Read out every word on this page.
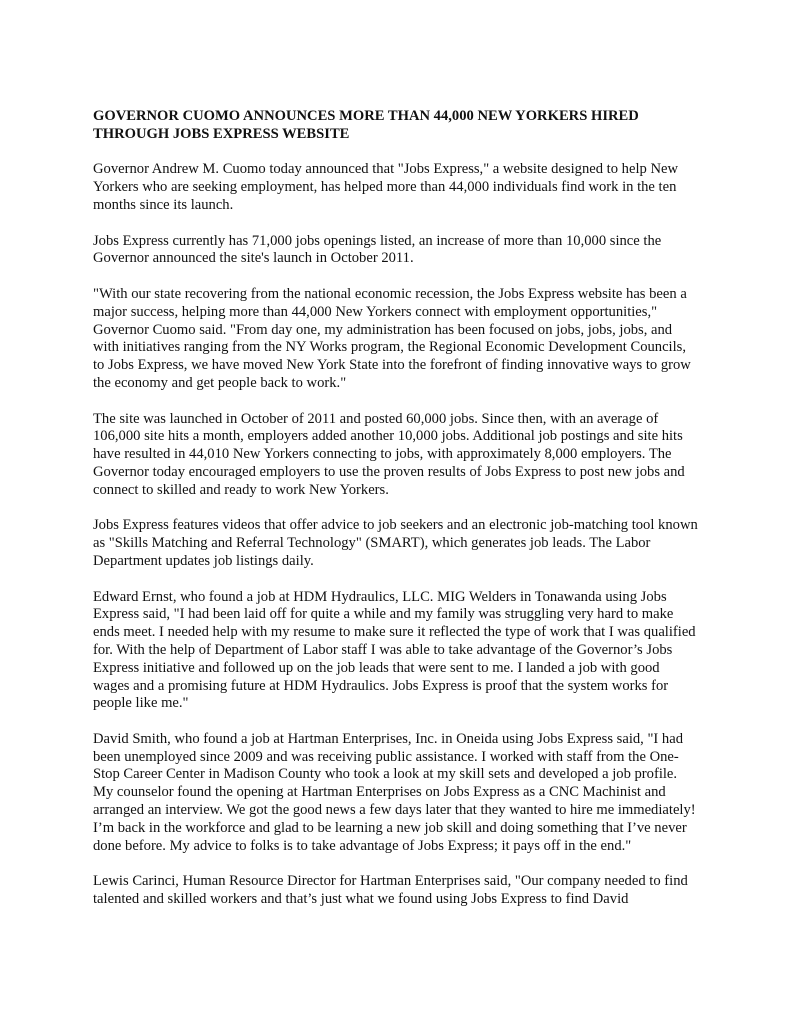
GOVERNOR CUOMO ANNOUNCES MORE THAN 44,000 NEW YORKERS HIRED THROUGH JOBS EXPRESS WEBSITE

Governor Andrew M. Cuomo today announced that "Jobs Express," a website designed to help New Yorkers who are seeking employment, has helped more than 44,000 individuals find work in the ten months since its launch.

Jobs Express currently has 71,000 jobs openings listed, an increase of more than 10,000 since the Governor announced the site's launch in October 2011.

"With our state recovering from the national economic recession, the Jobs Express website has been a major success, helping more than 44,000 New Yorkers connect with employment opportunities," Governor Cuomo said. "From day one, my administration has been focused on jobs, jobs, jobs, and with initiatives ranging from the NY Works program, the Regional Economic Development Councils, to Jobs Express, we have moved New York State into the forefront of finding innovative ways to grow the economy and get people back to work."

The site was launched in October of 2011 and posted 60,000 jobs. Since then, with an average of 106,000 site hits a month, employers added another 10,000 jobs. Additional job postings and site hits have resulted in 44,010 New Yorkers connecting to jobs, with approximately 8,000 employers. The Governor today encouraged employers to use the proven results of Jobs Express to post new jobs and connect to skilled and ready to work New Yorkers.

Jobs Express features videos that offer advice to job seekers and an electronic job-matching tool known as "Skills Matching and Referral Technology" (SMART), which generates job leads. The Labor Department updates job listings daily.

Edward Ernst, who found a job at HDM Hydraulics, LLC. MIG Welders in Tonawanda using Jobs Express said, "I had been laid off for quite a while and my family was struggling very hard to make ends meet. I needed help with my resume to make sure it reflected the type of work that I was qualified for. With the help of Department of Labor staff I was able to take advantage of the Governor’s Jobs Express initiative and followed up on the job leads that were sent to me. I landed a job with good wages and a promising future at HDM Hydraulics. Jobs Express is proof that the system works for people like me."

David Smith, who found a job at Hartman Enterprises, Inc. in Oneida using Jobs Express said, "I had been unemployed since 2009 and was receiving public assistance. I worked with staff from the One-Stop Career Center in Madison County who took a look at my skill sets and developed a job profile. My counselor found the opening at Hartman Enterprises on Jobs Express as a CNC Machinist and arranged an interview. We got the good news a few days later that they wanted to hire me immediately! I’m back in the workforce and glad to be learning a new job skill and doing something that I’ve never done before. My advice to folks is to take advantage of Jobs Express; it pays off in the end."

Lewis Carinci, Human Resource Director for Hartman Enterprises said, "Our company needed to find talented and skilled workers and that’s just what we found using Jobs Express to find David
